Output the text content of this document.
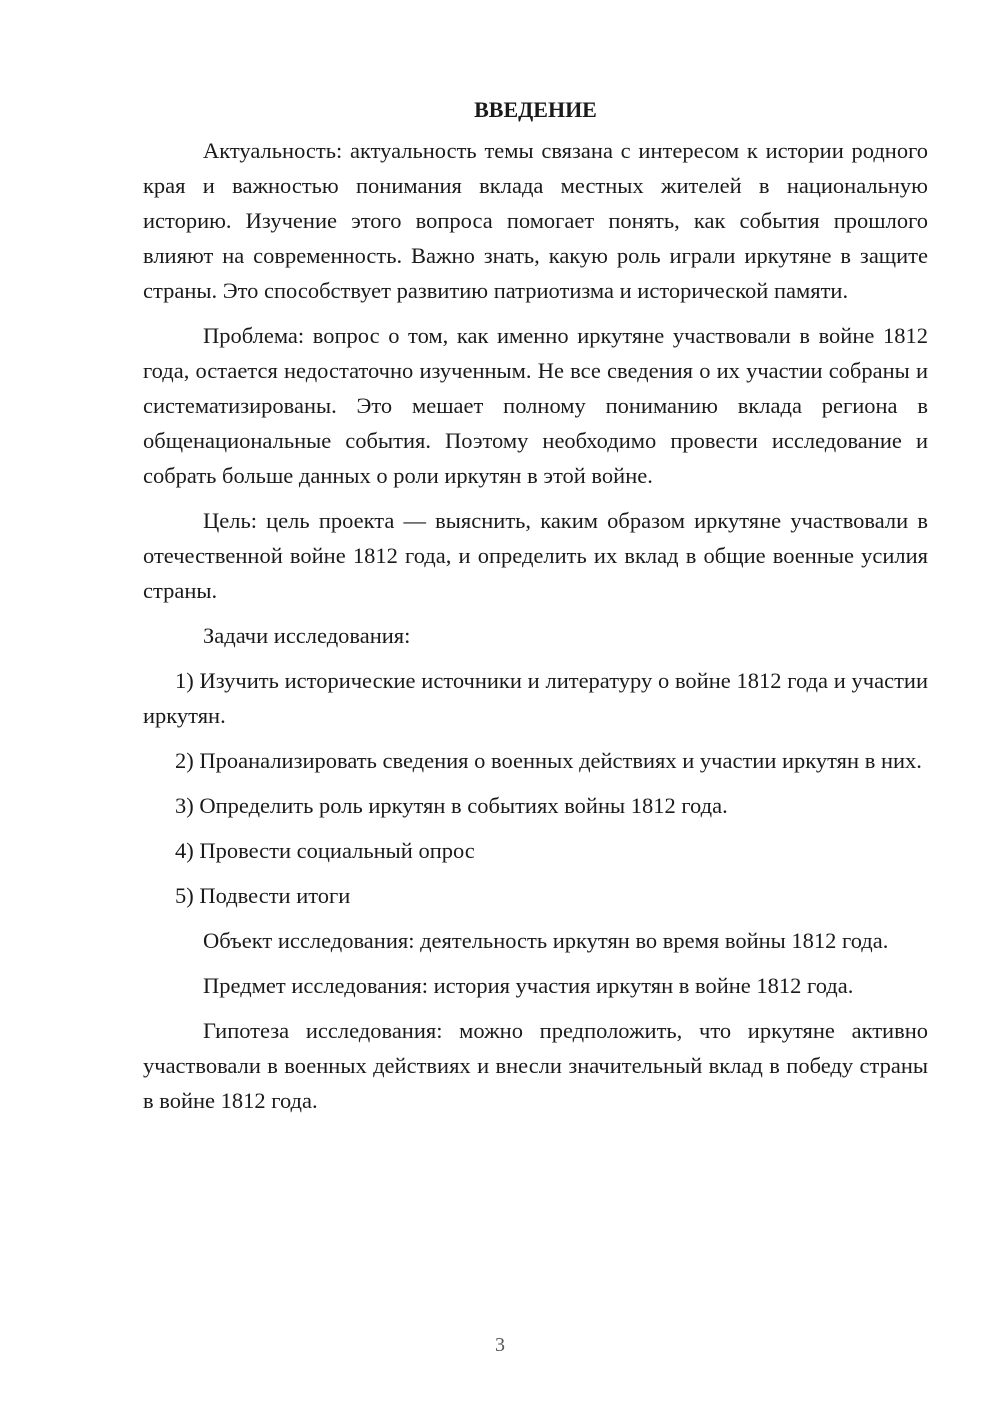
ВВЕДЕНИЕ

Актуальность: актуальность темы связана с интересом к истории родного края и важностью понимания вклада местных жителей в национальную историю. Изучение этого вопроса помогает понять, как события прошлого влияют на современность. Важно знать, какую роль играли иркутяне в защите страны. Это способствует развитию патриотизма и исторической памяти.

Проблема: вопрос о том, как именно иркутяне участвовали в войне 1812 года, остается недостаточно изученным. Не все сведения о их участии собраны и систематизированы. Это мешает полному пониманию вклада региона в общенациональные события. Поэтому необходимо провести исследование и собрать больше данных о роли иркутян в этой войне.

Цель: цель проекта — выяснить, каким образом иркутяне участвовали в отечественной войне 1812 года, и определить их вклад в общие военные усилия страны.

Задачи исследования:

1) Изучить исторические источники и литературу о войне 1812 года и участии иркутян.

2) Проанализировать сведения о военных действиях и участии иркутян в них.

3) Определить роль иркутян в событиях войны 1812 года.

4) Провести социальный опрос

5) Подвести итоги

Объект исследования: деятельность иркутян во время войны 1812 года.

Предмет исследования: история участия иркутян в войне 1812 года.

Гипотеза исследования: можно предположить, что иркутяне активно участвовали в военных действиях и внесли значительный вклад в победу страны в войне 1812 года.

3
